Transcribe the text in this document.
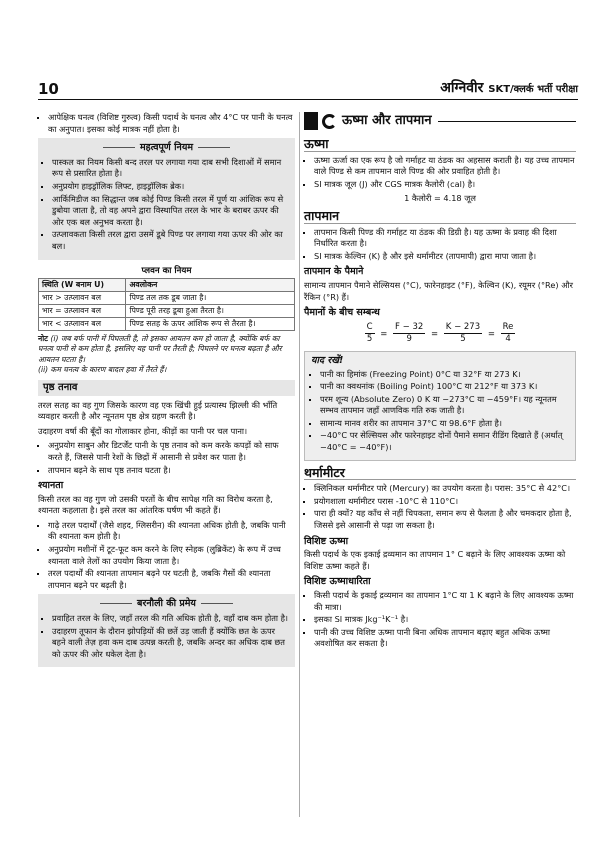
10	अग्निवीर SKT/क्लर्क भर्ती परीक्षा
▪ आपेक्षिक घनत्व (विशिष्ट गुरुत्व) किसी पदार्थ के घनत्व और 4°C पर पानी के घनत्व का अनुपात। इसका कोई मात्रक नहीं होता है।
महत्वपूर्ण नियम
▪ पास्कल का नियम किसी बन्द तरल पर लगाया गया दाब सभी दिशाओं में समान रूप से प्रसारित होता है।
▪ अनुप्रयोग हाइड्रॉलिक लिफ्ट, हाइड्रॉलिक ब्रेक।
▪ आर्किमिडीज का सिद्धान्त जब कोई पिण्ड किसी तरल में पूर्ण या आंशिक रूप से डुबोया जाता है, तो वह अपने द्वारा विस्थापित तरल के भार के बराबर ऊपर की ओर एक बल अनुभव करता है।
▪ उत्प्लावकता किसी तरल द्वारा उसमें डूबे पिण्ड पर लगाया गया ऊपर की ओर का बल।
प्लवन का नियम
स्थिति (W बनाम U)	अवलोकन
भार > उत्प्लावन बल	पिण्ड तल तक डूब जाता है।
भार = उत्प्लावन बल	पिण्ड पूरी तरह डूबा हुआ तैरता है।
भार < उत्प्लावन बल	पिण्ड सतह के ऊपर आंशिक रूप से तैरता है।
नोट (i) जब बर्फ पानी में पिघलती है, तो इसका आयतन कम हो जाता है, क्योंकि बर्फ का घनत्व पानी से कम होता है, इसलिए यह पानी पर तैरती है; पिघलने पर घनत्व बढ़ता है और आयतन घटता है।
(ii) कम घनत्व के कारण बादल हवा में तैरते हैं।
पृष्ठ तनाव

तरल सतह का वह गुण जिसके कारण वह एक खिंची हुई प्रत्यास्थ झिल्ली की भाँति व्यवहार करती है और न्यूनतम पृष्ठ क्षेत्र ग्रहण करती है।

उदाहरण वर्षा की बूँदों का गोलाकार होना, कीड़ों का पानी पर चल पाना।

▪ अनुप्रयोग साबुन और डिटर्जेंट पानी के पृष्ठ तनाव को कम करके कपड़ों को साफ करते हैं, जिससे पानी रेशों के छिद्रों में आसानी से प्रवेश कर पाता है।
▪ तापमान बढ़ने के साथ पृष्ठ तनाव घटता है।
श्यानता

किसी तरल का वह गुण जो उसकी परतों के बीच सापेक्ष गति का विरोध करता है, श्यानता कहलाता है। इसे तरल का आंतरिक घर्षण भी कहते हैं।

▪ गाढ़े तरल पदार्थों (जैसे शहद, ग्लिसरीन) की श्यानता अधिक होती है, जबकि पानी की श्यानता कम होती है।
▪ अनुप्रयोग मशीनों में टूट-फूट कम करने के लिए स्नेहक (लुब्रिकेंट) के रूप में उच्च श्यानता वाले तेलों का उपयोग किया जाता है।
▪ तरल पदार्थों की श्यानता तापमान बढ़ने पर घटती है, जबकि गैसों की श्यानता तापमान बढ़ने पर बढ़ती है।
बरनौली की प्रमेय
▪ प्रवाहित तरल के लिए, जहाँ तरल की गति अधिक होती है, वहाँ दाब कम होता है।
▪ उदाहरण तूफान के दौरान झोपड़ियों की छतें उड़ जाती हैं क्योंकि छत के ऊपर बहने वाली तेज़ हवा कम दाब उत्पन्न करती है, जबकि अन्दर का अधिक दाब छत को ऊपर की ओर धकेल देता है।
ऊष्मा और तापमान
ऊष्मा
▪ ऊष्मा ऊर्जा का एक रूप है जो गर्माहट या ठंडक का अहसास कराती है। यह उच्च तापमान वाले पिण्ड से कम तापमान वाले पिण्ड की ओर प्रवाहित होती है।
▪ SI मात्रक जूल (J) और CGS मात्रक कैलोरी (cal) है।
1 कैलोरी = 4.18 जूल
तापमान
▪ तापमान किसी पिण्ड की गर्माहट या ठंडक की डिग्री है। यह ऊष्मा के प्रवाह की दिशा निर्धारित करता है।
▪ SI मात्रक केल्विन (K) है और इसे थर्मामीटर (तापमापी) द्वारा मापा जाता है।
तापमान के पैमाने

सामान्य तापमान पैमाने सेल्सियस (°C), फारेनहाइट (°F), केल्विन (K), रयूमर (°Re) और रैंकिन (°R) हैं।

पैमानों के बीच सम्बन्ध
$\frac{C}{5} = \frac{F - 32}{9} = \frac{K - 273}{5} = \frac{Re}{4}$
याद रखें!
▪ पानी का हिमांक (Freezing Point) 0°C या 32°F या 273 K।
▪ पानी का क्वथनांक (Boiling Point) 100°C या 212°F या 373 K।
▪ परम शून्य (Absolute Zero) 0 K या −273°C या −459°F। यह न्यूनतम सम्भव तापमान जहाँ आणविक गति रुक जाती है।
▪ सामान्य मानव शरीर का तापमान 37°C या 98.6°F होता है।
▪ −40°C पर सेल्सियस और फारेनहाइट दोनों पैमाने समान रीडिंग दिखाते हैं (अर्थात् −40°C = −40°F)।
थर्मामीटर
▪ क्लिनिकल थर्मामीटर पारे (Mercury) का उपयोग करता है। परास: 35°C से 42°C।
▪ प्रयोगशाला थर्मामीटर परास -10°C से 110°C।
▪ पारा ही क्यों? यह काँच से नहीं चिपकता, समान रूप से फैलता है और चमकदार होता है, जिससे इसे आसानी से पढ़ा जा सकता है।
विशिष्ट ऊष्मा

किसी पदार्थ के एक इकाई द्रव्यमान का तापमान 1° C बढ़ाने के लिए आवश्यक ऊष्मा को विशिष्ट ऊष्मा कहते हैं।

विशिष्ट ऊष्माधारिता
▪ किसी पदार्थ के इकाई द्रव्यमान का तापमान 1°C या 1 K बढ़ाने के लिए आवश्यक ऊष्मा की मात्रा।
▪ इसका SI मात्रक Jkg⁻¹K⁻¹ है।
▪ पानी की उच्च विशिष्ट ऊष्मा पानी बिना अधिक तापमान बढ़ाए बहुत अधिक ऊष्मा अवशोषित कर सकता है।
